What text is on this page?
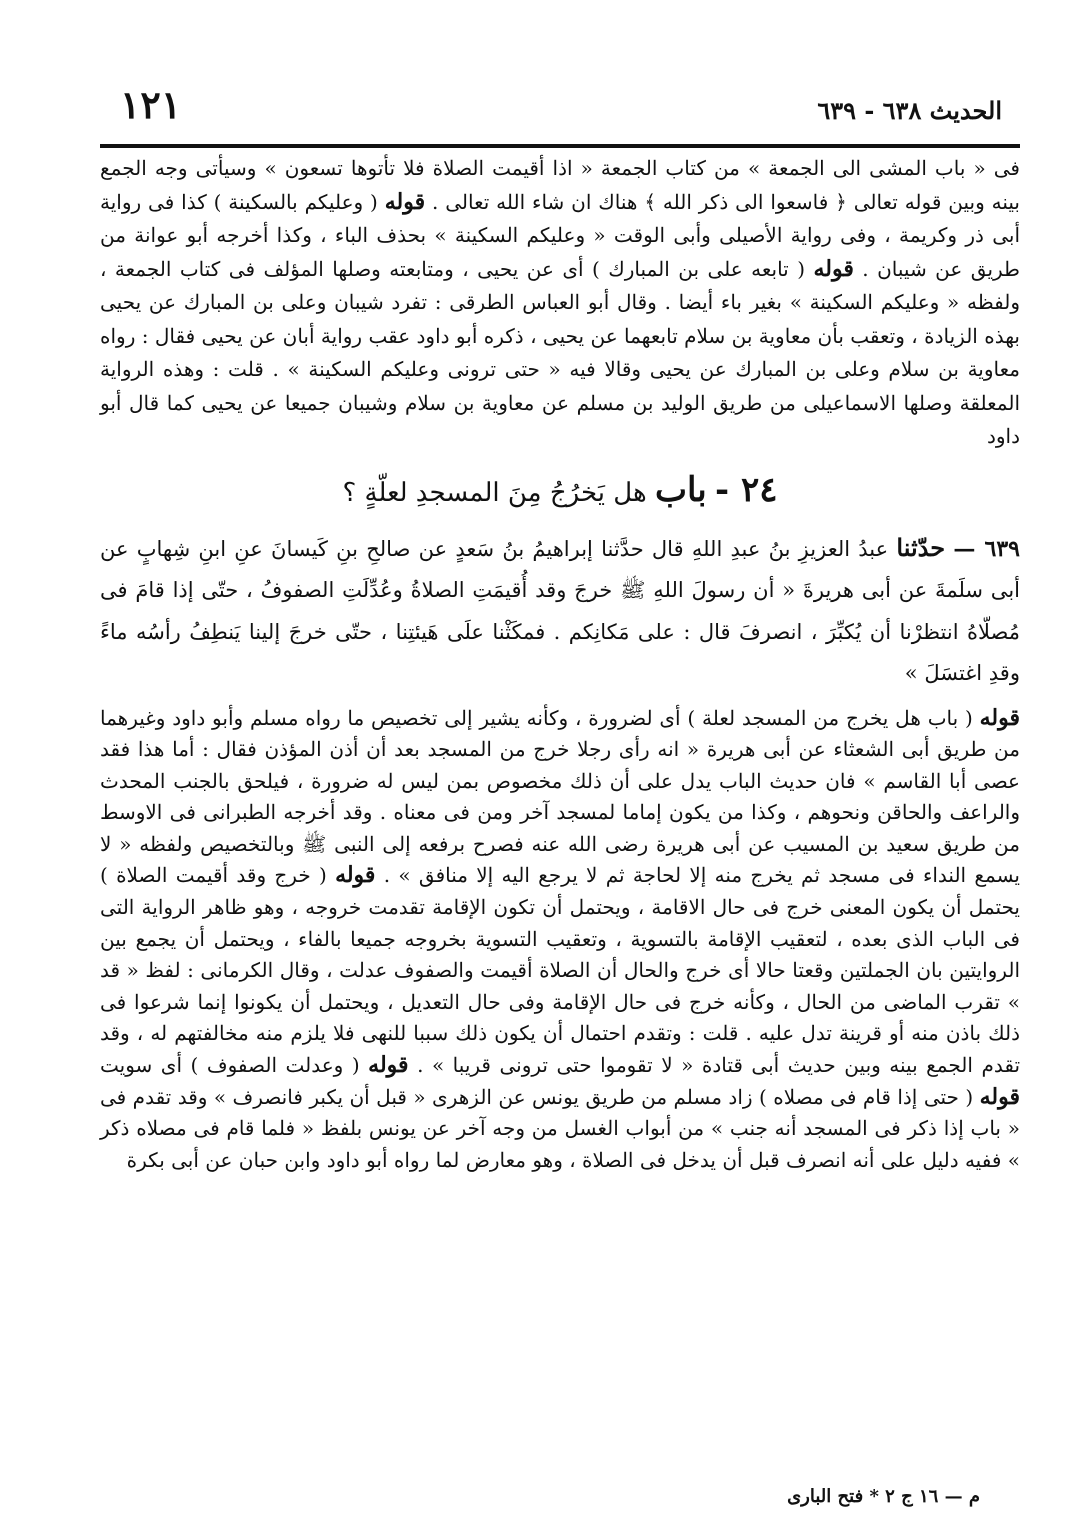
الحديث ٦٣٨ - ٦٣٩
١٢١

فى « باب المشى الى الجمعة » من كتاب الجمعة « اذا أقيمت الصلاة فلا تأتوها تسعون » وسيأتى وجه الجمع بينه وبين قوله تعالى ﴿ فاسعوا الى ذكر الله ﴾ هناك ان شاء الله تعالى . قوله ( وعليكم بالسكينة ) كذا فى رواية أبى ذر وكريمة ، وفى رواية الأصيلى وأبى الوقت « وعليكم السكينة » بحذف الباء ، وكذا أخرجه أبو عوانة من طريق عن شيبان . قوله ( تابعه على بن المبارك ) أى عن يحيى ، ومتابعته وصلها المؤلف فى كتاب الجمعة ، ولفظه « وعليكم السكينة » بغير باء أيضا . وقال أبو العباس الطرقى : تفرد شيبان وعلى بن المبارك عن يحيى بهذه الزيادة ، وتعقب بأن معاوية بن سلام تابعهما عن يحيى ، ذكره أبو داود عقب رواية أبان عن يحيى فقال : رواه معاوية بن سلام وعلى بن المبارك عن يحيى وقالا فيه « حتى ترونى وعليكم السكينة » . قلت : وهذه الرواية المعلقة وصلها الاسماعيلى من طريق الوليد بن مسلم عن معاوية بن سلام وشيبان جميعا عن يحيى كما قال أبو داود

٢٤ - باب هل يَخرُجُ مِنَ المسجدِ لعلّةٍ ؟
٦٣٩ — حدّثنا عبدُ العزيزِ بنُ عبدِ اللهِ قال حدَّثنا إبراهيمُ بنُ سَعدٍ عن صالحِ بنِ كَيسانَ عنِ ابنِ شِهابٍ عن أبى سلَمةَ عن أبى هريرةَ « أن رسولَ اللهِ ﷺ خرجَ وقد أُقيمَتِ الصلاةُ وعُدِّلَتِ الصفوفُ ، حتّى إذا قامَ فى مُصلّاهُ انتظرْنا أن يُكبِّرَ ، انصرفَ قال : على مَكانِكم . فمكَثْنا علَى هَيئتِنا ، حتّى خرجَ إلينا يَنطِفُ رأسُه ماءً وقدِ اغتسَلَ »

قوله ( باب هل يخرج من المسجد لعلة ) أى لضرورة ، وكأنه يشير إلى تخصيص ما رواه مسلم وأبو داود وغيرهما من طريق أبى الشعثاء عن أبى هريرة « انه رأى رجلا خرج من المسجد بعد أن أذن المؤذن فقال : أما هذا فقد عصى أبا القاسم » فان حديث الباب يدل على أن ذلك مخصوص بمن ليس له ضرورة ، فيلحق بالجنب المحدث والراعف والحاقن ونحوهم ، وكذا من يكون إماما لمسجد آخر ومن فى معناه . وقد أخرجه الطبرانى فى الاوسط من طريق سعيد بن المسيب عن أبى هريرة رضى الله عنه فصرح برفعه إلى النبى ﷺ وبالتخصيص ولفظه « لا يسمع النداء فى مسجد ثم يخرج منه إلا لحاجة ثم لا يرجع اليه إلا منافق » . قوله ( خرج وقد أقيمت الصلاة ) يحتمل أن يكون المعنى خرج فى حال الاقامة ، ويحتمل أن تكون الإقامة تقدمت خروجه ، وهو ظاهر الرواية التى فى الباب الذى بعده ، لتعقيب الإقامة بالتسوية ، وتعقيب التسوية بخروجه جميعا بالفاء ، ويحتمل أن يجمع بين الروايتين بان الجملتين وقعتا حالا أى خرج والحال أن الصلاة أقيمت والصفوف عدلت ، وقال الكرمانى : لفظ « قد » تقرب الماضى من الحال ، وكأنه خرج فى حال الإقامة وفى حال التعديل ، ويحتمل أن يكونوا إنما شرعوا فى ذلك باذن منه أو قرينة تدل عليه . قلت : وتقدم احتمال أن يكون ذلك سببا للنهى فلا يلزم منه مخالفتهم له ، وقد تقدم الجمع بينه وبين حديث أبى قتادة « لا تقوموا حتى ترونى قريبا » . قوله ( وعدلت الصفوف ) أى سويت قوله ( حتى إذا قام فى مصلاه ) زاد مسلم من طريق يونس عن الزهرى « قبل أن يكبر فانصرف » وقد تقدم فى « باب إذا ذكر فى المسجد أنه جنب » من أبواب الغسل من وجه آخر عن يونس بلفظ « فلما قام فى مصلاه ذكر » ففيه دليل على أنه انصرف قبل أن يدخل فى الصلاة ، وهو معارض لما رواه أبو داود وابن حبان عن أبى بكرة

م — ١٦ ج ٢ * فتح البارى
